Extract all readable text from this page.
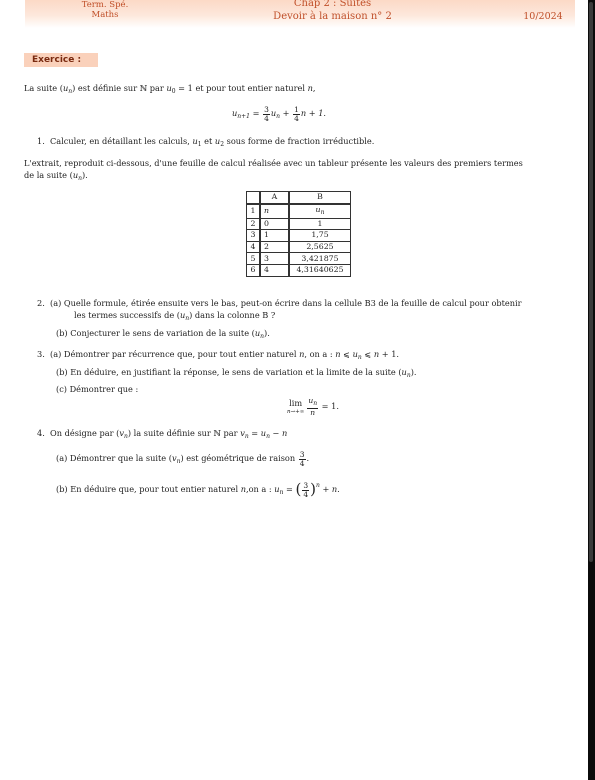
Term. Spé.
Maths
Chap 2 : Suites
Devoir à la maison n° 2	10/2024
Exercice :
La suite $(u_n)$ est définie sur ℕ par $u_0 = 1$ et pour tout entier naturel n,
$u_{n+1} = \frac{3}{4} u_n + \frac{1}{4}$ n + 1.
1. Calculer, en détaillant les calculs, $u_1$ et $u_2$ sous forme de fraction irréductible.
L'extrait, reproduit ci-dessous, d'une feuille de calcul réalisée avec un tableur présente les valeurs des premiers termes
de la suite $(u_n)$.
	A	B
1	n	$u_n$
2	0	1
3	1	1,75
4	2	2,5625
5	3	3,421875
6	4	4,31640625
2. (a) Quelle formule, étirée ensuite vers le bas, peut-on écrire dans la cellule B3 de la feuille de calcul pour obtenir
les termes successifs de $(u_n)$ dans la colonne B ?
(b) Conjecturer le sens de variation de la suite $(u_n)$.
3. (a) Démontrer par récurrence que, pour tout entier naturel n, on a : n ⩽ $u_n$ ⩽ n + 1.
(b) En déduire, en justifiant la réponse, le sens de variation et la limite de la suite $(u_n)$.
(c) Démontrer que :
lim
$n\to+\infty \frac{u_n}{n} = 1$.
4. On désigne par $(v_n)$ la suite définie sur ℕ par $v_n = u_n - n$
(a) Démontrer que la suite $(v_n)$ est géométrique de raison $\frac{3}{4}$ .
(b) En déduire que, pour tout entier naturel n,on a : $u_n$ = ( $\frac{3}{4} )^n + n$.
